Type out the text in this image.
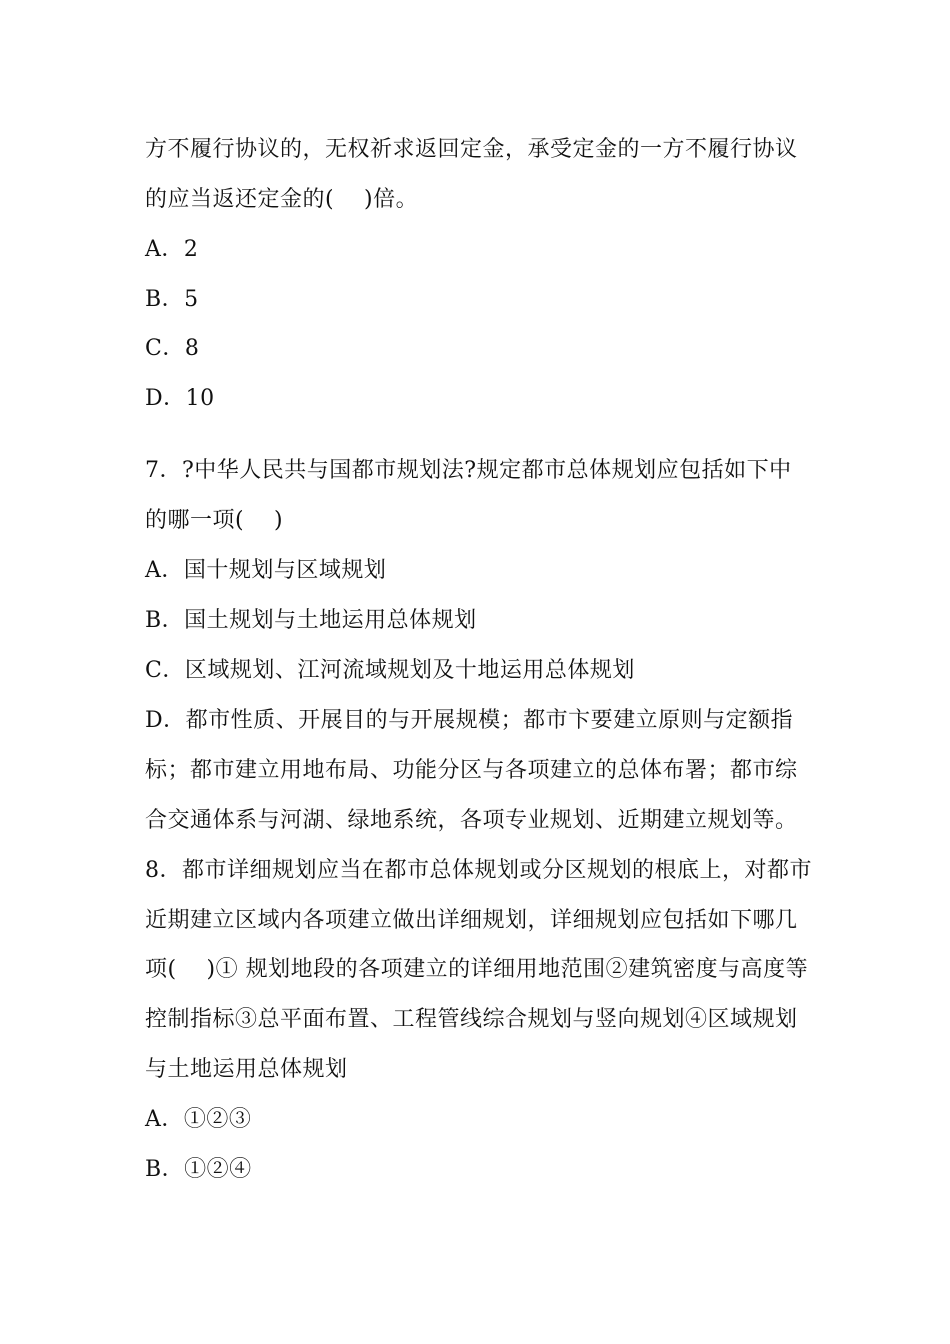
方不履行协议的，无权祈求返回定金，承受定金的一方不履行协议
的应当返还定金的(    )倍。
A．2
B．5
C．8
D．10
7．?中华人民共与国都市规划法?规定都市总体规划应包括如下中
的哪一项(    )
A．国十规划与区域规划
B．国土规划与土地运用总体规划
C．区域规划、江河流域规划及十地运用总体规划
D．都市性质、开展目的与开展规模；都市卞要建立原则与定额指
标；都市建立用地布局、功能分区与各项建立的总体布署；都市综
合交通体系与河湖、绿地系统，各项专业规划、近期建立规划等。
8．都市详细规划应当在都市总体规划或分区规划的根底上，对都市
近期建立区域内各项建立做出详细规划，详细规划应包括如下哪几
项(    )① 规划地段的各项建立的详细用地范围②建筑密度与高度等
控制指标③总平面布置、工程管线综合规划与竖向规划④区域规划
与土地运用总体规划
A．①②③
B．①②④
